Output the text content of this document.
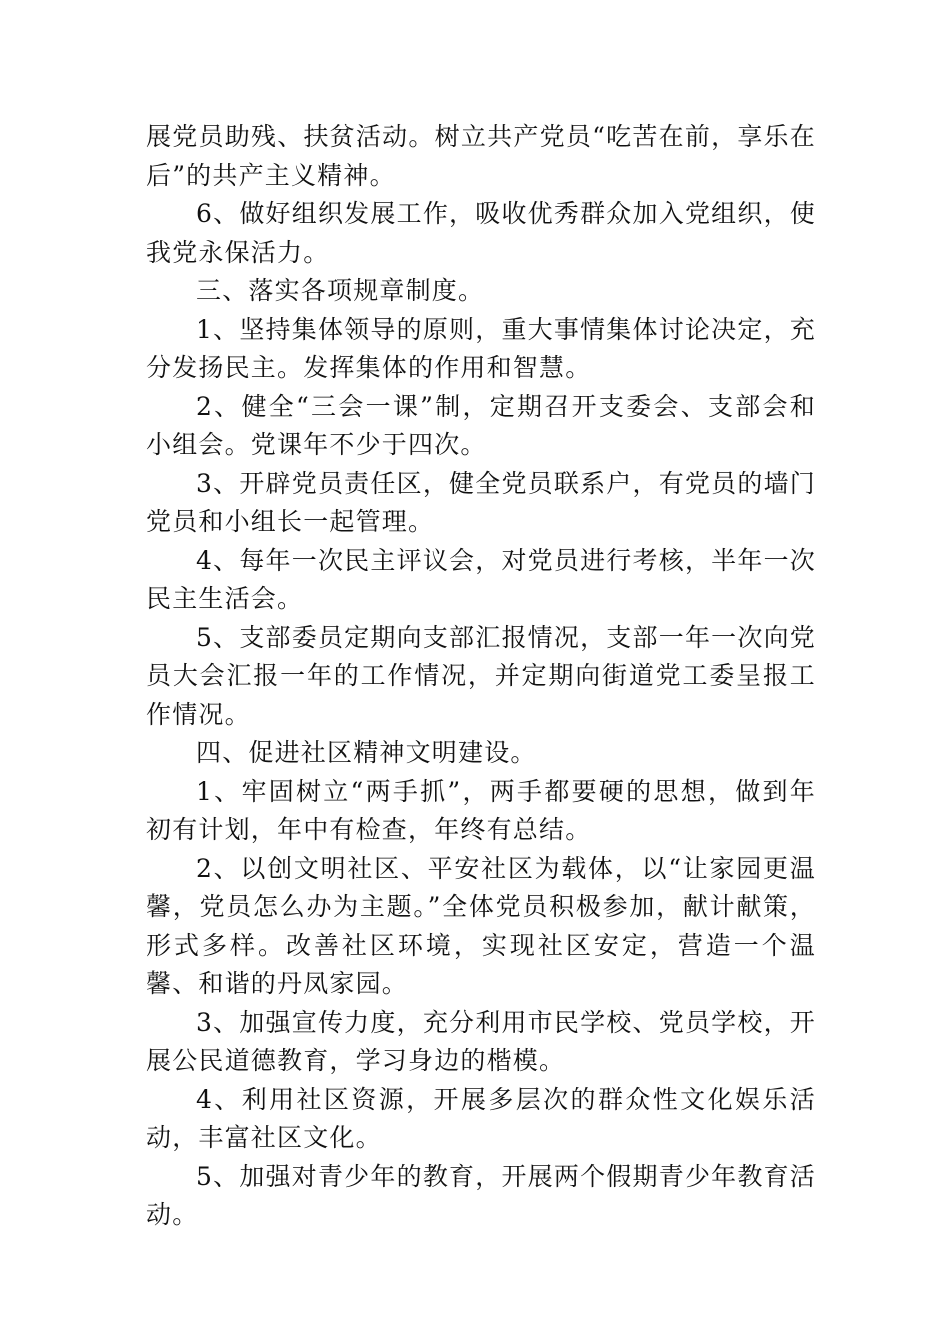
展党员助残、扶贫活动。树立共产党员“吃苦在前，享乐在后”的共产主义精神。

6、做好组织发展工作，吸收优秀群众加入党组织，使我党永保活力。

三、落实各项规章制度。

1、坚持集体领导的原则，重大事情集体讨论决定，充分发扬民主。发挥集体的作用和智慧。

2、健全“三会一课”制，定期召开支委会、支部会和小组会。党课年不少于四次。

3、开辟党员责任区，健全党员联系户，有党员的墙门党员和小组长一起管理。

4、每年一次民主评议会，对党员进行考核，半年一次民主生活会。

5、支部委员定期向支部汇报情况，支部一年一次向党员大会汇报一年的工作情况，并定期向街道党工委呈报工作情况。

四、促进社区精神文明建设。

1、牢固树立“两手抓”，两手都要硬的思想，做到年初有计划，年中有检查，年终有总结。

2、以创文明社区、平安社区为载体，以“让家园更温馨，党员怎么办为主题。”全体党员积极参加，献计献策，形式多样。改善社区环境，实现社区安定，营造一个温馨、和谐的丹凤家园。

3、加强宣传力度，充分利用市民学校、党员学校，开展公民道德教育，学习身边的楷模。

4、利用社区资源，开展多层次的群众性文化娱乐活动，丰富社区文化。

5、加强对青少年的教育，开展两个假期青少年教育活动。
